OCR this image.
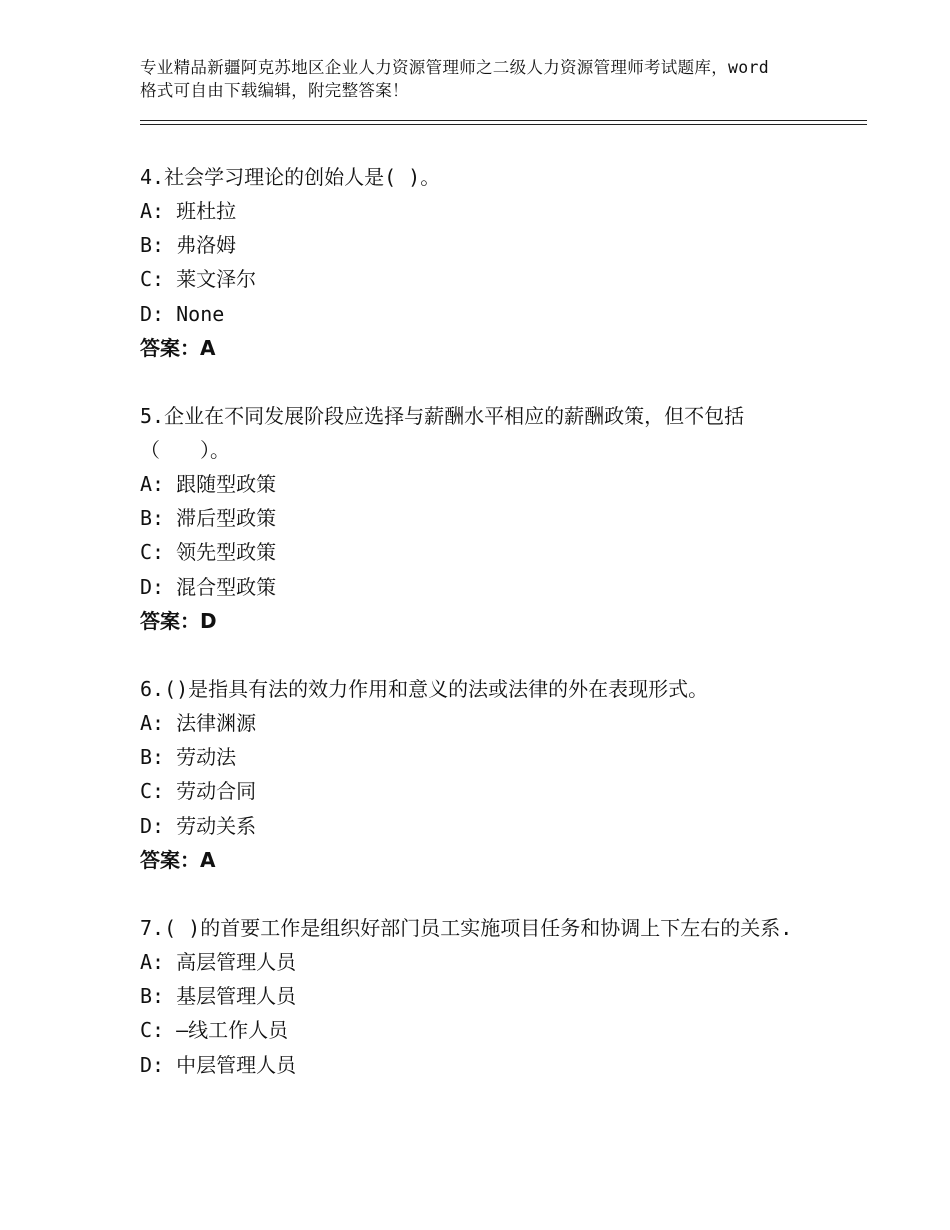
专业精品新疆阿克苏地区企业人力资源管理师之二级人力资源管理师考试题库，word格式可自由下载编辑，附完整答案！

4.社会学习理论的创始人是( )。

A: 班杜拉

B: 弗洛姆

C: 莱文泽尔

D: None

答案：A

5.企业在不同发展阶段应选择与薪酬水平相应的薪酬政策，但不包括（　　）。

A: 跟随型政策

B: 滞后型政策

C: 领先型政策

D: 混合型政策

答案：D

6.()是指具有法的效力作用和意义的法或法律的外在表现形式。

A: 法律渊源

B: 劳动法

C: 劳动合同

D: 劳动关系

答案：A

7.( )的首要工作是组织好部门员工实施项目任务和协调上下左右的关系.

A: 高层管理人员

B: 基层管理人员

C: —线工作人员

D: 中层管理人员
